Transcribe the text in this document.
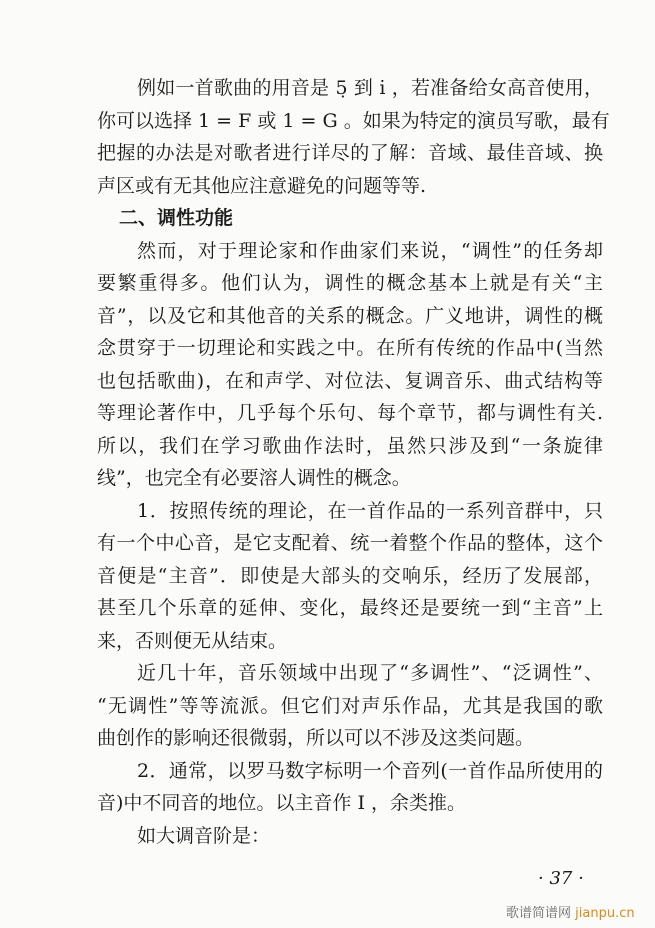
例如一首歌曲的用音是 5̣ 到 i̇ ，若准备给女高音使用，
你可以选择 1 = F 或 1 = G 。如果为特定的演员写歌，最有
把握的办法是对歌者进行详尽的了解：音域、最佳音域、换
声区或有无其他应注意避免的问题等等.
二、调性功能
然而，对于理论家和作曲家们来说，“调性”的任务却
要繁重得多。他们认为，调性的概念基本上就是有关“主
音”，以及它和其他音的关系的概念。广义地讲，调性的概
念贯穿于一切理论和实践之中。在所有传统的作品中(当然
也包括歌曲)，在和声学、对位法、复调音乐、曲式结构等
等理论著作中，几乎每个乐句、每个章节，都与调性有关.
所以，我们在学习歌曲作法时，虽然只涉及到“一条旋律
线”，也完全有必要溶人调性的概念。
1．按照传统的理论，在一首作品的一系列音群中，只
有一个中心音，是它支配着、统一着整个作品的整体，这个
音便是“主音”．即使是大部头的交响乐，经历了发展部，
甚至几个乐章的延伸、变化，最终还是要统一到“主音”上
来，否则便无从结束。
近几十年，音乐领域中出现了“多调性”、“泛调性”、
“无调性”等等流派。但它们对声乐作品，尤其是我国的歌
曲创作的影响还很微弱，所以可以不涉及这类问题。
2．通常，以罗马数字标明一个音列(一首作品所使用的
音)中不同音的地位。以主音作 I ，余类推。
如大调音阶是：
· 37 ·
歌谱简谱网 jianpu.cn
